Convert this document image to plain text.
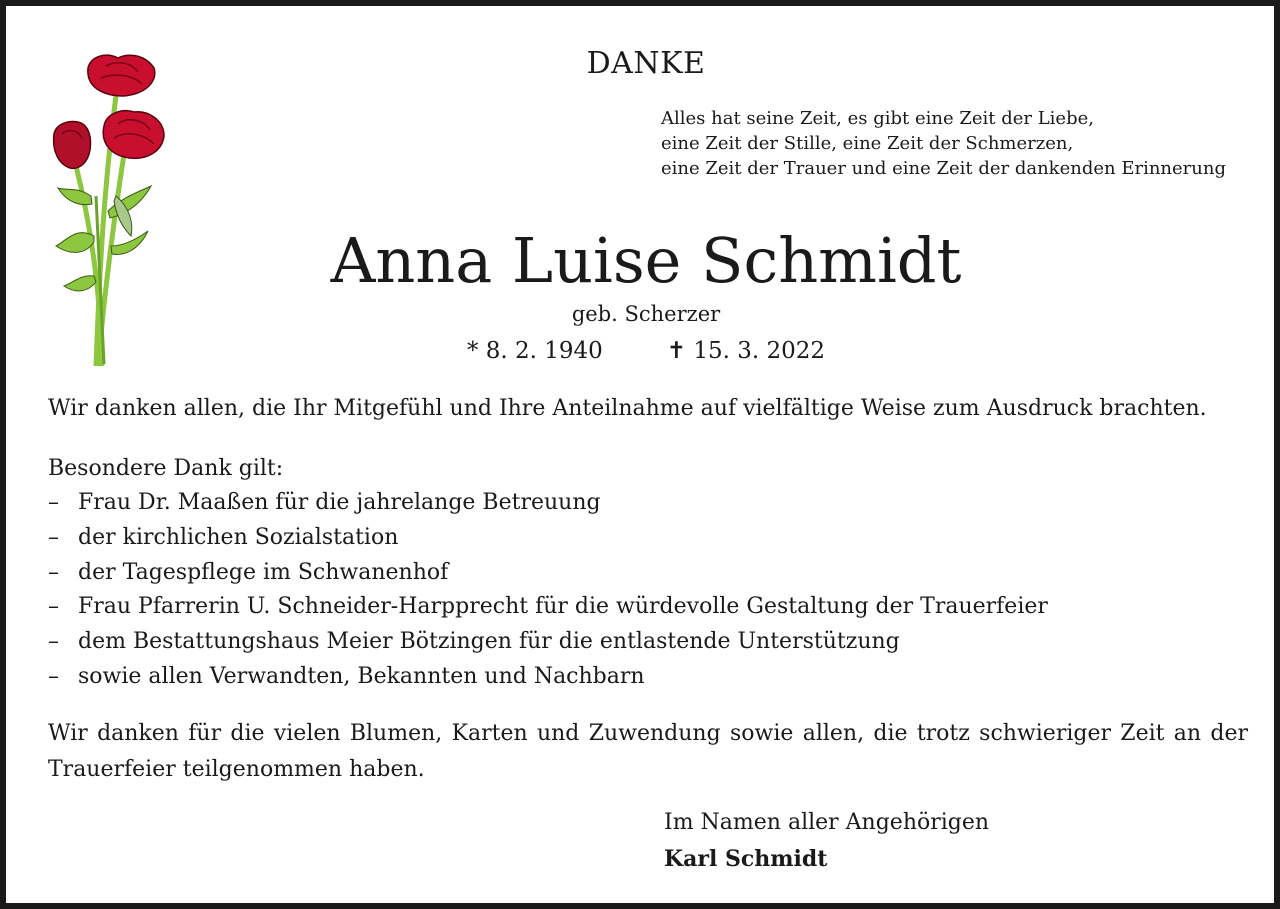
DANKE
Alles hat seine Zeit, es gibt eine Zeit der Liebe,
eine Zeit der Stille, eine Zeit der Schmerzen,
eine Zeit der Trauer und eine Zeit der dankenden Erinnerung
Anna Luise Schmidt
geb. Scherzer
* 8. 2. 1940	✝ 15. 3. 2022
Wir danken allen, die Ihr Mitgefühl und Ihre Anteilnahme auf vielfältige Weise zum Ausdruck brachten.
Besondere Dank gilt:
– Frau Dr. Maaßen für die jahrelange Betreuung
– der kirchlichen Sozialstation
– der Tagespflege im Schwanenhof
– Frau Pfarrerin U. Schneider-Harpprecht für die würdevolle Gestaltung der Trauerfeier
– dem Bestattungshaus Meier Bötzingen für die entlastende Unterstützung
– sowie allen Verwandten, Bekannten und Nachbarn
Wir danken für die vielen Blumen, Karten und Zuwendung sowie allen, die trotz schwieriger Zeit an der Trauerfeier teilgenommen haben.
Im Namen aller Angehörigen
Karl Schmidt
